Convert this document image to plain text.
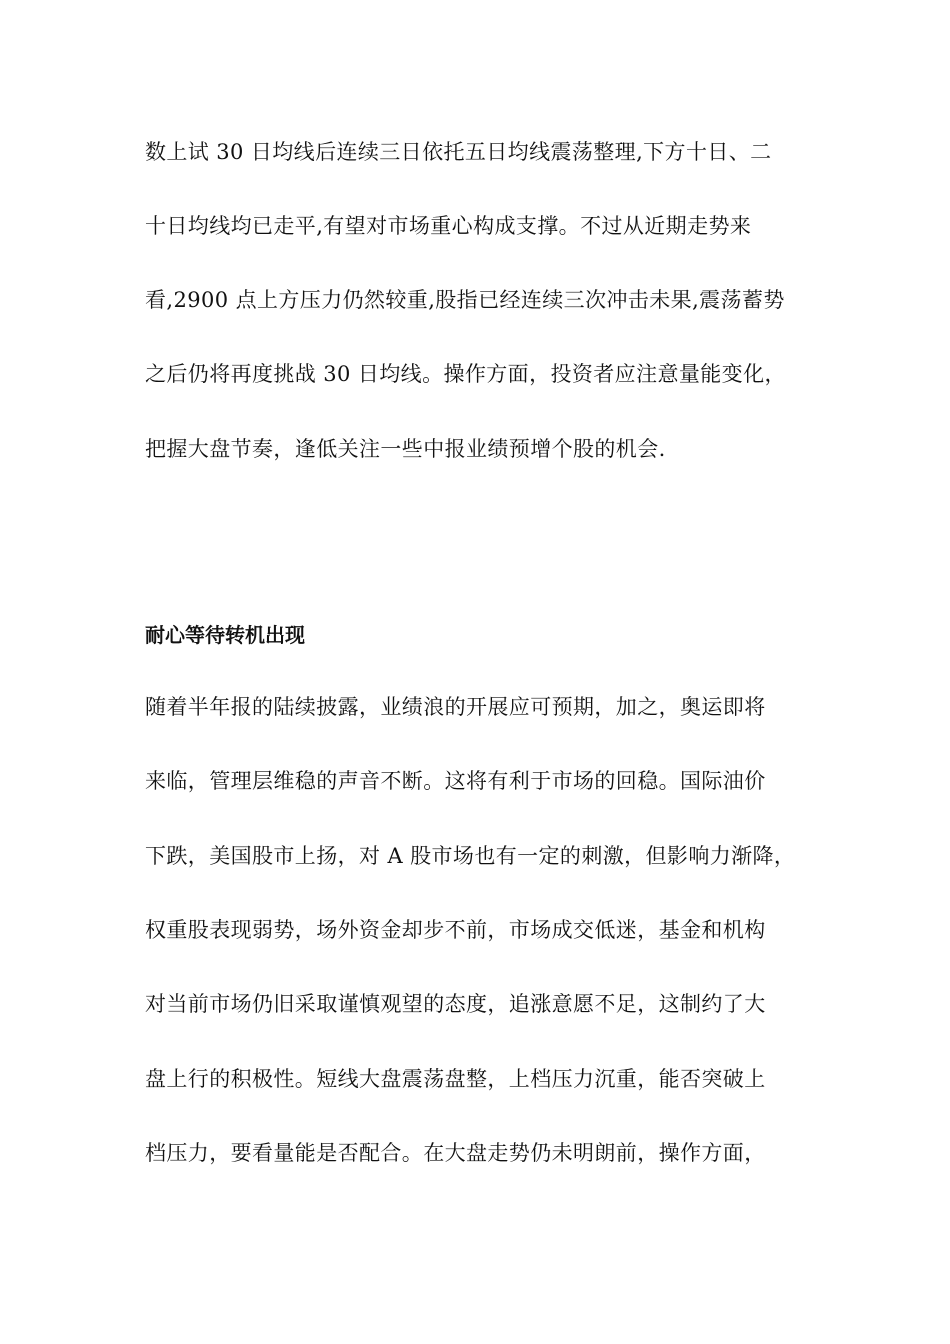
数上试 30 日均线后连续三日依托五日均线震荡整理,下方十日、二
十日均线均已走平,有望对市场重心构成支撑。不过从近期走势来
看,2900 点上方压力仍然较重,股指已经连续三次冲击未果,震荡蓄势
之后仍将再度挑战 30 日均线。操作方面，投资者应注意量能变化，
把握大盘节奏，逢低关注一些中报业绩预增个股的机会.
耐心等待转机出现
随着半年报的陆续披露，业绩浪的开展应可预期，加之，奥运即将
来临，管理层维稳的声音不断。这将有利于市场的回稳。国际油价
下跌，美国股市上扬，对 A 股市场也有一定的刺激，但影响力渐降，
权重股表现弱势，场外资金却步不前，市场成交低迷，基金和机构
对当前市场仍旧采取谨慎观望的态度，追涨意愿不足，这制约了大
盘上行的积极性。短线大盘震荡盘整，上档压力沉重，能否突破上
档压力，要看量能是否配合。在大盘走势仍未明朗前，操作方面，
